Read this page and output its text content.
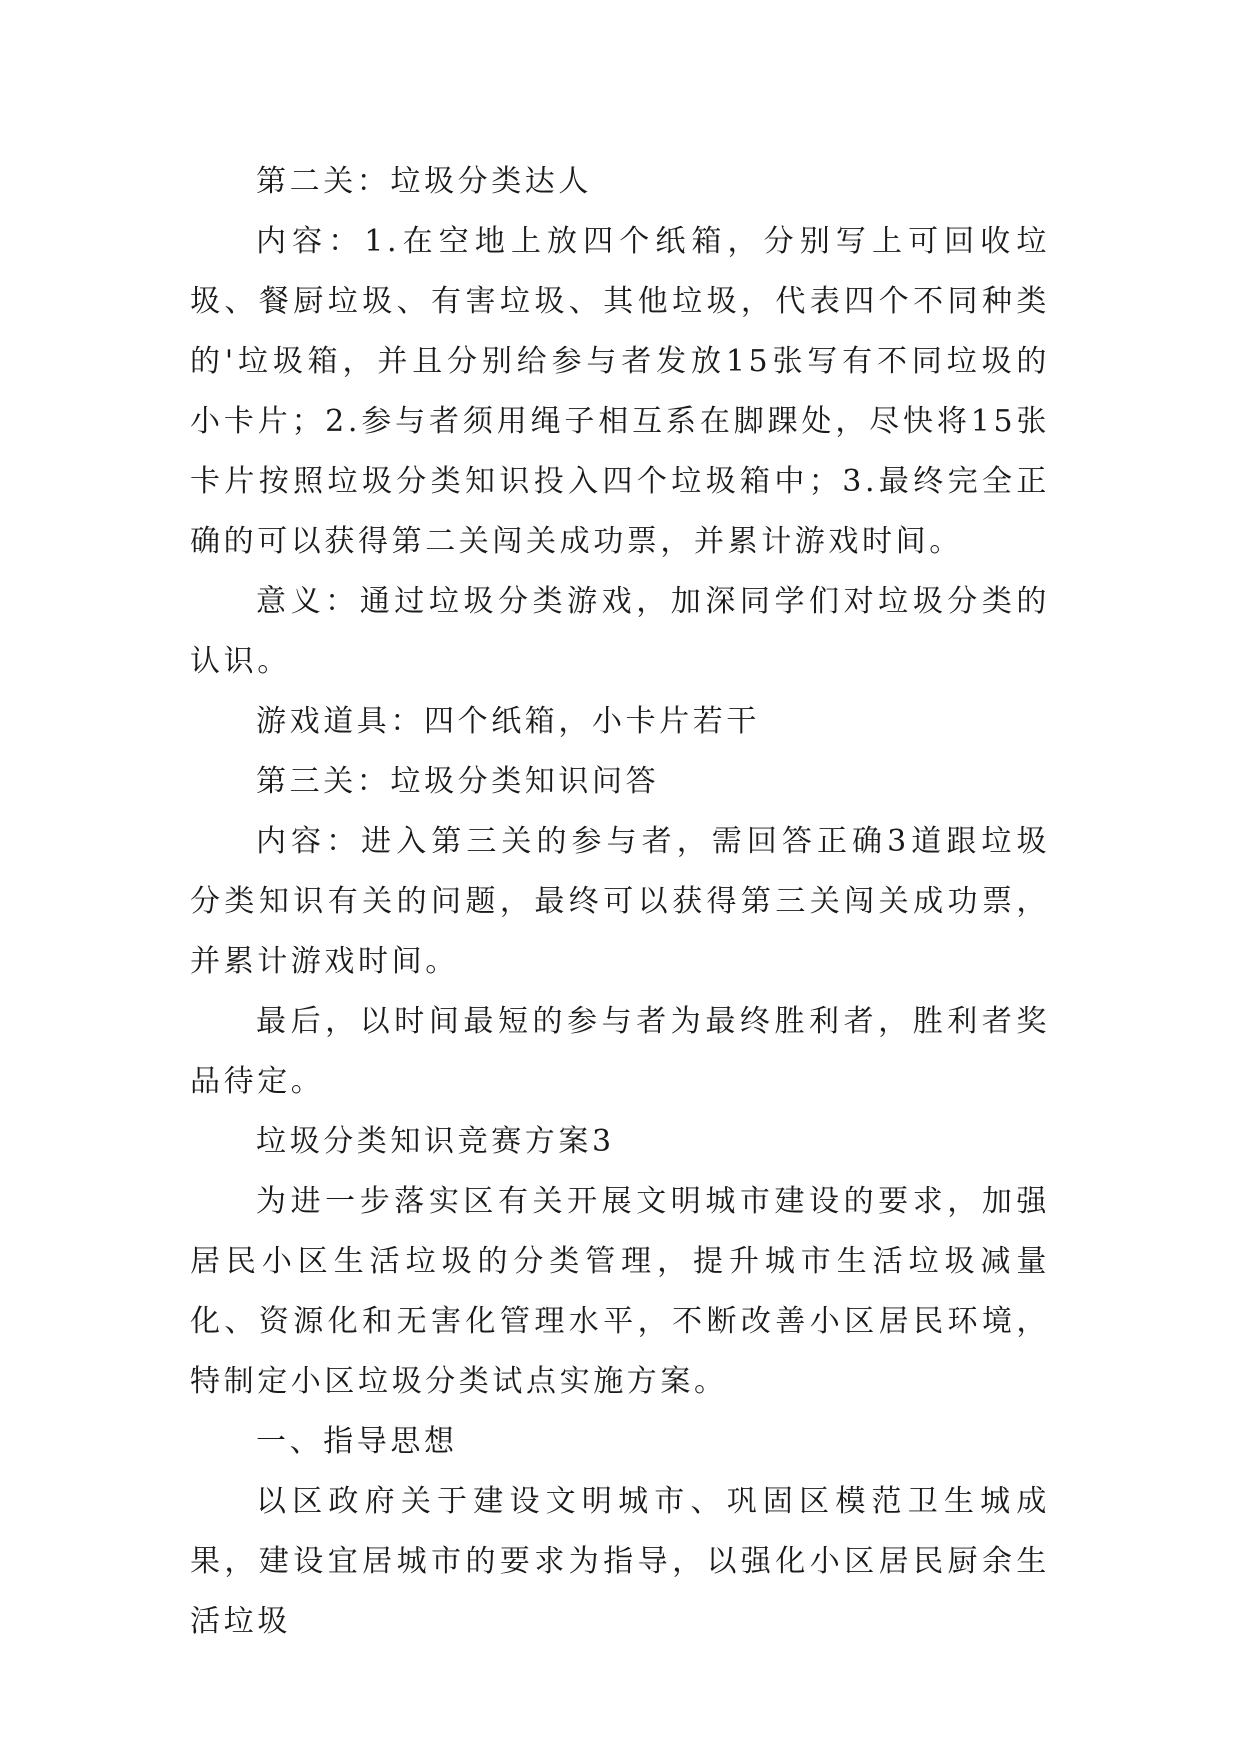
第二关：垃圾分类达人

内容：1.在空地上放四个纸箱，分别写上可回收垃圾、餐厨垃圾、有害垃圾、其他垃圾，代表四个不同种类的'垃圾箱，并且分别给参与者发放15张写有不同垃圾的小卡片；2.参与者须用绳子相互系在脚踝处，尽快将15张卡片按照垃圾分类知识投入四个垃圾箱中；3.最终完全正确的可以获得第二关闯关成功票，并累计游戏时间。

意义：通过垃圾分类游戏，加深同学们对垃圾分类的认识。

游戏道具：四个纸箱，小卡片若干

第三关：垃圾分类知识问答

内容：进入第三关的参与者，需回答正确3道跟垃圾分类知识有关的问题，最终可以获得第三关闯关成功票，并累计游戏时间。

最后，以时间最短的参与者为最终胜利者，胜利者奖品待定。

垃圾分类知识竞赛方案3

为进一步落实区有关开展文明城市建设的要求，加强居民小区生活垃圾的分类管理，提升城市生活垃圾减量化、资源化和无害化管理水平，不断改善小区居民环境，特制定小区垃圾分类试点实施方案。

一、指导思想

以区政府关于建设文明城市、巩固区模范卫生城成果，建设宜居城市的要求为指导，以强化小区居民厨余生活垃圾
